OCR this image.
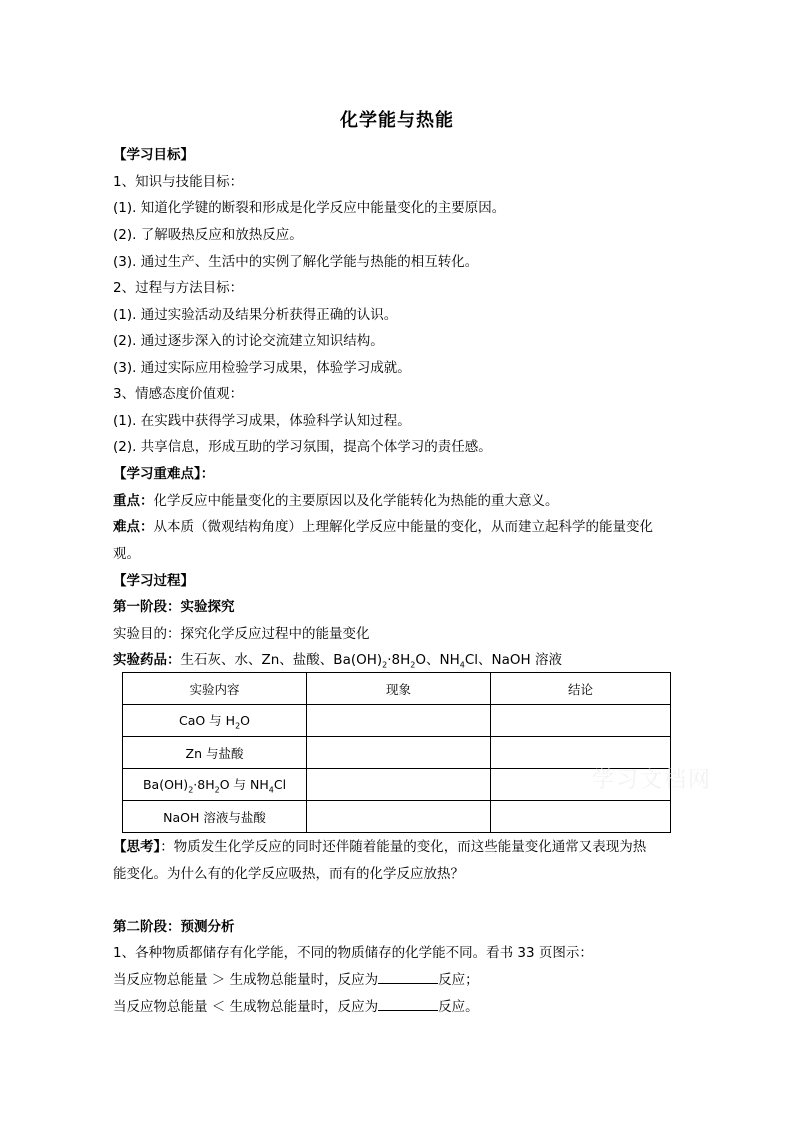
化学能与热能
【学习目标】
1、知识与技能目标：
(1). 知道化学键的断裂和形成是化学反应中能量变化的主要原因。
(2). 了解吸热反应和放热反应。
(3). 通过生产、生活中的实例了解化学能与热能的相互转化。
2、过程与方法目标：
(1). 通过实验活动及结果分析获得正确的认识。
(2). 通过逐步深入的讨论交流建立知识结构。
(3). 通过实际应用检验学习成果，体验学习成就。
3、情感态度价值观：
(1). 在实践中获得学习成果，体验科学认知过程。
(2). 共享信息，形成互助的学习氛围，提高个体学习的责任感。
【学习重难点】：
重点：化学反应中能量变化的主要原因以及化学能转化为热能的重大意义。
难点：从本质（微观结构角度）上理解化学反应中能量的变化，从而建立起科学的能量变化
观。
【学习过程】
第一阶段：实验探究
实验目的：探究化学反应过程中的能量变化
实验药品：生石灰、水、Zn、盐酸、$Ba(OH)_2\cdot 8H_2O$、$NH_4Cl$、NaOH 溶液
实验内容	现象	结论
CaO 与 $H_2O$		
Zn 与盐酸		
$Ba(OH)_2\cdot 8H_2O$ 与 $NH_4Cl$		
NaOH 溶液与盐酸		
学习文档网
【思考】：物质发生化学反应的同时还伴随着能量的变化，而这些能量变化通常又表现为热
能变化。为什么有的化学反应吸热，而有的化学反应放热？
第二阶段：预测分析
1、各种物质都储存有化学能，不同的物质储存的化学能不同。看书 33 页图示：
当反应物总能量 ＞ 生成物总能量时，反应为	反应；
当反应物总能量 ＜ 生成物总能量时，反应为	反应。
